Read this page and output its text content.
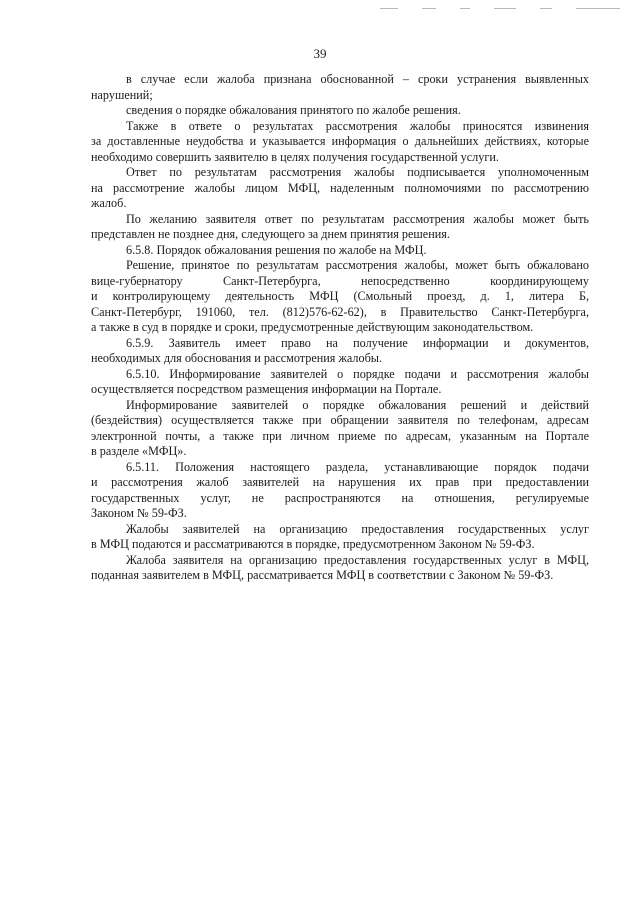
39
в случае если жалоба признана обоснованной – сроки устранения выявленных
нарушений;
сведения о порядке обжалования принятого по жалобе решения.
Также в ответе о результатах рассмотрения жалобы приносятся извинения
за доставленные неудобства и указывается информация о дальнейших действиях, которые
необходимо совершить заявителю в целях получения государственной услуги.
Ответ по результатам рассмотрения жалобы подписывается уполномоченным
на рассмотрение жалобы лицом МФЦ, наделенным полномочиями по рассмотрению
жалоб.
По желанию заявителя ответ по результатам рассмотрения жалобы может быть
представлен не позднее дня, следующего за днем принятия решения.
6.5.8. Порядок обжалования решения по жалобе на МФЦ.
Решение, принятое по результатам рассмотрения жалобы, может быть обжаловано
вице-губернатору Санкт-Петербурга, непосредственно координирующему
и контролирующему деятельность МФЦ (Смольный проезд, д. 1, литера Б,
Санкт-Петербург, 191060, тел. (812)576-62-62), в Правительство Санкт-Петербурга,
а также в суд в порядке и сроки, предусмотренные действующим законодательством.
6.5.9. Заявитель имеет право на получение информации и документов,
необходимых для обоснования и рассмотрения жалобы.
6.5.10. Информирование заявителей о порядке подачи и рассмотрения жалобы
осуществляется посредством размещения информации на Портале.
Информирование заявителей о порядке обжалования решений и действий
(бездействия) осуществляется также при обращении заявителя по телефонам, адресам
электронной почты, а также при личном приеме по адресам, указанным на Портале
в разделе «МФЦ».
6.5.11. Положения настоящего раздела, устанавливающие порядок подачи
и рассмотрения жалоб заявителей на нарушения их прав при предоставлении
государственных услуг, не распространяются на отношения, регулируемые
Законом № 59-ФЗ.
Жалобы заявителей на организацию предоставления государственных услуг
в МФЦ подаются и рассматриваются в порядке, предусмотренном Законом № 59-ФЗ.
Жалоба заявителя на организацию предоставления государственных услуг в МФЦ,
поданная заявителем в МФЦ, рассматривается МФЦ в соответствии с Законом № 59-ФЗ.
